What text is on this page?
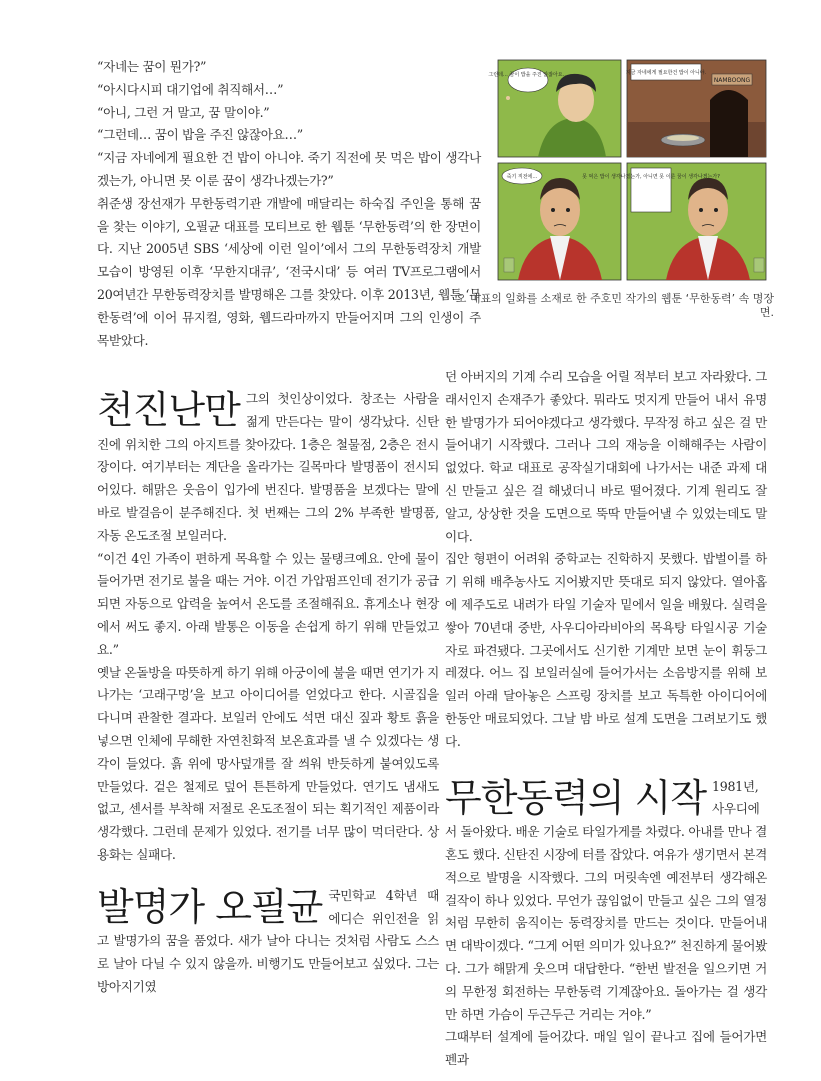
“자네는 꿈이 뭔가?”

“아시다시피 대기업에 취직해서…”

“아니, 그런 거 말고, 꿈 말이야.”

“그런데… 꿈이 밥을 주진 않잖아요…”

“지금 자네에게 필요한 건 밥이 아니야. 죽기 직전에 못 먹은 밥이 생각나겠는가, 아니면 못 이룬 꿈이 생각나겠는가?”

취준생 장선재가 무한동력기관 개발에 매달리는 하숙집 주인을 통해 꿈을 찾는 이야기, 오필균 대표를 모티브로 한 웹툰 ‘무한동력’의 한 장면이다. 지난 2005년 SBS ‘세상에 이런 일이’에서 그의 무한동력장치 개발 모습이 방영된 이후 ‘무한지대큐’, ‘전국시대’ 등 여러 TV프로그램에서 20여년간 무한동력장치를 발명해온 그를 찾았다. 이후 2013년, 웹툰 ‘무한동력’에 이어 뮤지컬, 영화, 웹드라마까지 만들어지며 그의 인생이 주목받았다.

그런데… 꿈이 밥을 주진 않잖아요…
NAMBOONG
지금 자네에게 필요한건 밥이 아니야.
죽기 직전에…	못 먹은 밥이 생각나겠는가, 아니면 못 이룬 꿈이 생각나겠는가?
오 대표의 일화를 소재로 한 주호민 작가의 웹툰 ‘무한동력’ 속 명장면.

천진난만 그의 첫인상이었다. 창조는 사람을 젊게 만든다는 말이 생각났다. 신탄진에 위치한 그의 아지트를 찾아갔다. 1층은 철물점, 2층은 전시장이다. 여기부터는 계단을 올라가는 길목마다 발명품이 전시되어있다. 해맑은 웃음이 입가에 번진다. 발명품을 보겠다는 말에 바로 발걸음이 분주해진다. 첫 번째는 그의 2% 부족한 발명품, 자동 온도조절 보일러다.

“이건 4인 가족이 편하게 목욕할 수 있는 물탱크예요. 안에 물이 들어가면 전기로 불을 때는 거야. 이건 가압펌프인데 전기가 공급되면 자동으로 압력을 높여서 온도를 조절해줘요. 휴게소나 현장에서 써도 좋지. 아래 발통은 이동을 손쉽게 하기 위해 만들었고요.”

옛날 온돌방을 따뜻하게 하기 위해 아궁이에 불을 때면 연기가 지나가는 ‘고래구멍’을 보고 아이디어를 얻었다고 한다. 시골집을 다니며 관찰한 결과다. 보일러 안에도 석면 대신 짚과 황토 흙을 넣으면 인체에 무해한 자연친화적 보온효과를 낼 수 있겠다는 생각이 들었다. 흙 위에 망사덮개를 잘 씌워 반듯하게 붙여있도록 만들었다. 겉은 철제로 덮어 튼튼하게 만들었다. 연기도 냄새도 없고, 센서를 부착해 저절로 온도조절이 되는 획기적인 제품이라 생각했다. 그런데 문제가 있었다. 전기를 너무 많이 먹더란다. 상용화는 실패다.

발명가 오필균 국민학교 4학년 때 에디슨 위인전을 읽고 발명가의 꿈을 품었다. 새가 날아 다니는 것처럼 사람도 스스로 날아 다닐 수 있지 않을까. 비행기도 만들어보고 싶었다. 그는 방아지기였

던 아버지의 기계 수리 모습을 어릴 적부터 보고 자라왔다. 그래서인지 손재주가 좋았다. 뭐라도 멋지게 만들어 내서 유명한 발명가가 되어야겠다고 생각했다. 무작정 하고 싶은 걸 만들어내기 시작했다. 그러나 그의 재능을 이해해주는 사람이 없었다. 학교 대표로 공작실기대회에 나가서는 내준 과제 대신 만들고 싶은 걸 해냈더니 바로 떨어졌다. 기계 원리도 잘 알고, 상상한 것을 도면으로 뚝딱 만들어낼 수 있었는데도 말이다.

집안 형편이 어려워 중학교는 진학하지 못했다. 밥벌이를 하기 위해 배추농사도 지어봤지만 뜻대로 되지 않았다. 열아홉에 제주도로 내려가 타일 기술자 밑에서 일을 배웠다. 실력을 쌓아 70년대 중반, 사우디아라비아의 목욕탕 타일시공 기술자로 파견됐다. 그곳에서도 신기한 기계만 보면 눈이 휘둥그레졌다. 어느 집 보일러실에 들어가서는 소음방지를 위해 보일러 아래 달아놓은 스프링 장치를 보고 독특한 아이디어에 한동안 매료되었다. 그날 밤 바로 설계 도면을 그려보기도 했다.

무한동력의 시작 1981년, 사우디에서 돌아왔다. 배운 기술로 타일가게를 차렸다. 아내를 만나 결혼도 했다. 신탄진 시장에 터를 잡았다. 여유가 생기면서 본격적으로 발명을 시작했다. 그의 머릿속엔 예전부터 생각해온 걸작이 하나 있었다. 무언가 끊임없이 만들고 싶은 그의 열정처럼 무한히 움직이는 동력장치를 만드는 것이다. 만들어내면 대박이겠다. “그게 어떤 의미가 있나요?” 천진하게 물어봤다. 그가 해맑게 웃으며 대답한다. “한번 발전을 일으키면 거의 무한정 회전하는 무한동력 기계잖아요. 돌아가는 걸 생각만 하면 가슴이 두근두근 거리는 거야.”

그때부터 설계에 들어갔다. 매일 일이 끝나고 집에 들어가면 펜과
